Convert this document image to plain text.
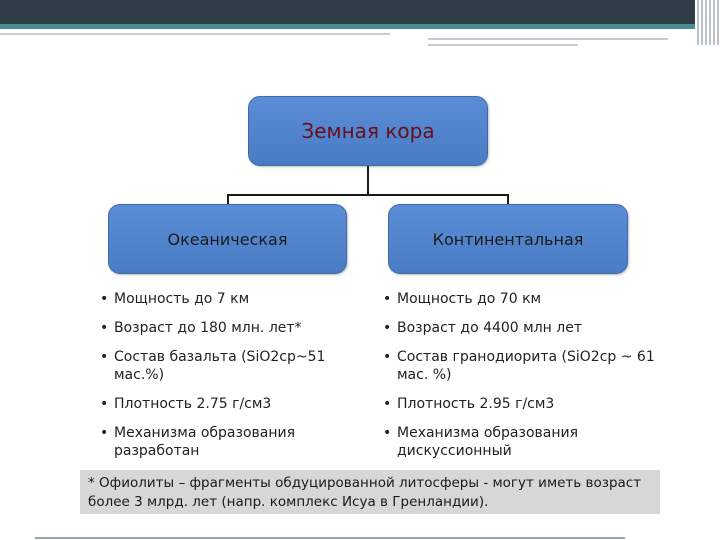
Земная кора
Океаническая	Континентальная
• Мощность до 7 км
• Возраст до 180 млн. лет*
• Состав базальта (SiO2ср~51 мас.%)
• Плотность 2.75 г/см3
• Механизма образования разработан
• Мощность до 70 км
• Возраст до 4400 млн лет
• Состав гранодиорита (SiO2ср ~ 61 мас. %)
• Плотность 2.95 г/см3
• Механизма образования дискуссионный
* Офиолиты – фрагменты обдуцированной литосферы - могут иметь возраст более 3 млрд. лет (напр. комплекс Исуа в Гренландии).
